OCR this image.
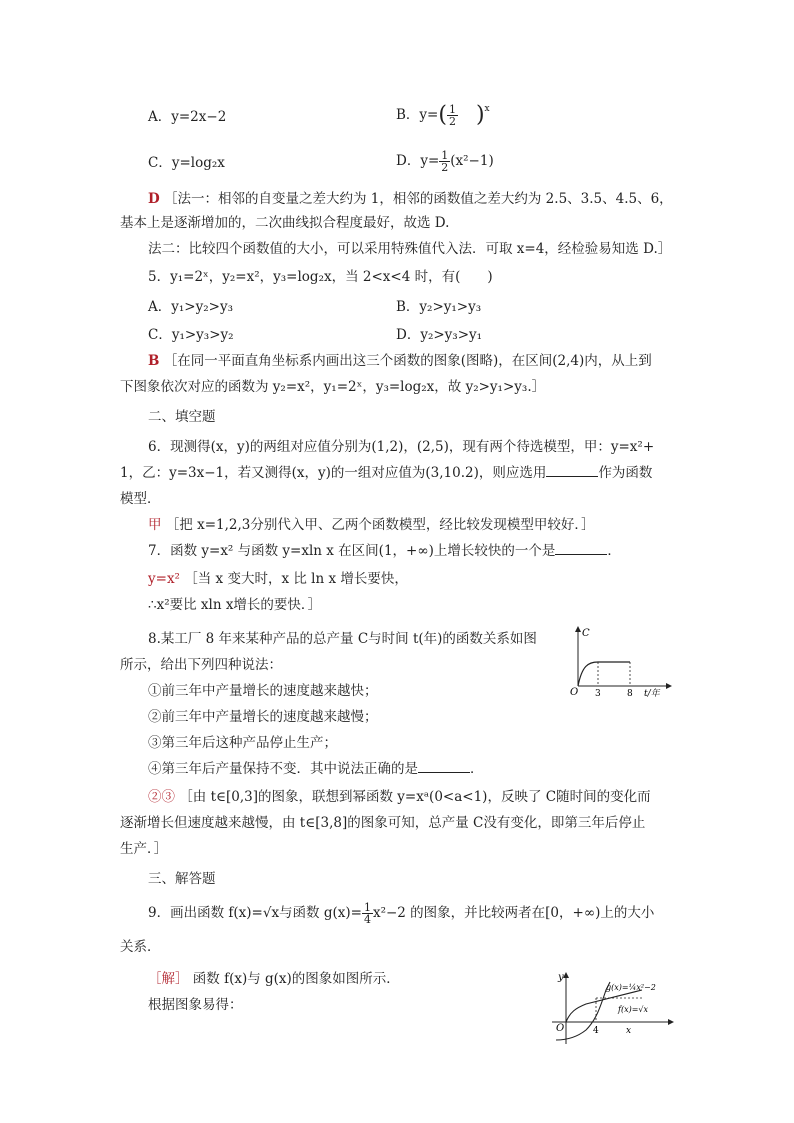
A．y=2x−2	B．$y=( \frac{1}{2} )^x$
C．y=log₂x	D．$y= \frac{1}{2} (x^2-1)$
D ［法一：相邻的自变量之差大约为 1，相邻的函数值之差大约为 2.5、3.5、4.5、6，
基本上是逐渐增加的，二次曲线拟合程度最好，故选 D.
法二：比较四个函数值的大小，可以采用特殊值代入法．可取 x=4，经检验易知选 D.］
5．y₁=2ˣ，y₂=x²，y₃=log₂x，当 2<x<4 时，有(　　)
A．y₁>y₂>y₃	B．y₂>y₁>y₃
C．y₁>y₃>y₂	D．y₂>y₃>y₁
B ［在同一平面直角坐标系内画出这三个函数的图象(图略)，在区间(2,4)内，从上到
下图象依次对应的函数为 y₂=x²，y₁=2ˣ，y₃=log₂x，故 y₂>y₁>y₃.］
二、填空题
6．现测得(x，y)的两组对应值分别为(1,2)，(2,5)，现有两个待选模型，甲：y=x²+
1，乙：y=3x−1，若又测得(x，y)的一组对应值为(3,10.2)，则应选用	作为函数
模型．
甲 ［把 x=1,2,3分别代入甲、乙两个函数模型，经比较发现模型甲较好．］
7．函数 y=x² 与函数 y=xln x 在区间(1，+∞)上增长较快的一个是	．
y=x² ［当 x 变大时，x 比 ln x 增长要快，
∴x²要比 xln x增长的要快．］
8.某工厂 8 年来某种产品的总产量 C与时间 t(年)的函数关系如图
所示，给出下列四种说法：
①前三年中产量增长的速度越来越快；
②前三年中产量增长的速度越来越慢；
③第三年后这种产品停止生产；
④第三年后产量保持不变．其中说法正确的是	．
②③ ［由 t∈[0,3]的图象，联想到幂函数 y=xᵃ(0<a<1)，反映了 C随时间的变化而
逐渐增长但速度越来越慢，由 t∈[3,8]的图象可知，总产量 C没有变化，即第三年后停止
生产．］
C
O 3	8 t/年
三、解答题
9．画出函数 f(x)=√x与函数 $g(x)= \frac{1}{4} x^2-2$ 的图象，并比较两者在[0，+∞)上的大小
关系．
［解］ 函数 f(x)与 g(x)的图象如图所示．
根据图象易得：
y
O	4	x
g(x)=¼x²−2
f(x)=√x
